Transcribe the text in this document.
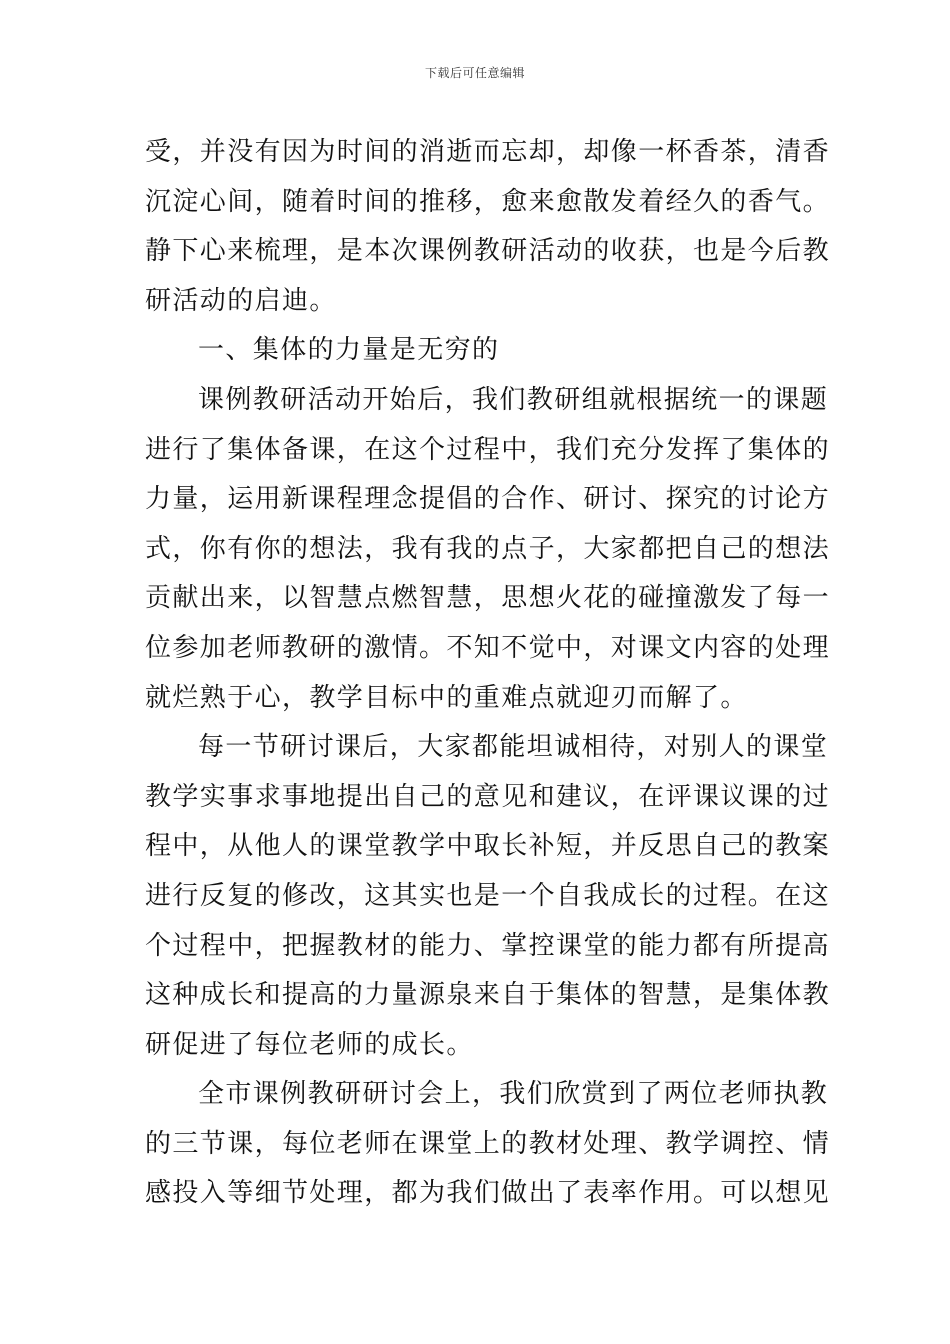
下载后可任意编辑
受，并没有因为时间的消逝而忘却，却像一杯香茶，清香
沉淀心间，随着时间的推移，愈来愈散发着经久的香气。
静下心来梳理，是本次课例教研活动的收获，也是今后教
研活动的启迪。
一、集体的力量是无穷的
课例教研活动开始后，我们教研组就根据统一的课题
进行了集体备课，在这个过程中，我们充分发挥了集体的
力量，运用新课程理念提倡的合作、研讨、探究的讨论方
式，你有你的想法，我有我的点子，大家都把自己的想法
贡献出来，以智慧点燃智慧，思想火花的碰撞激发了每一
位参加老师教研的激情。不知不觉中，对课文内容的处理
就烂熟于心，教学目标中的重难点就迎刃而解了。
每一节研讨课后，大家都能坦诚相待，对别人的课堂
教学实事求事地提出自己的意见和建议，在评课议课的过
程中，从他人的课堂教学中取长补短，并反思自己的教案
进行反复的修改，这其实也是一个自我成长的过程。在这
个过程中，把握教材的能力、掌控课堂的能力都有所提高
这种成长和提高的力量源泉来自于集体的智慧，是集体教
研促进了每位老师的成长。
全市课例教研研讨会上，我们欣赏到了两位老师执教
的三节课，每位老师在课堂上的教材处理、教学调控、情
感投入等细节处理，都为我们做出了表率作用。可以想见
